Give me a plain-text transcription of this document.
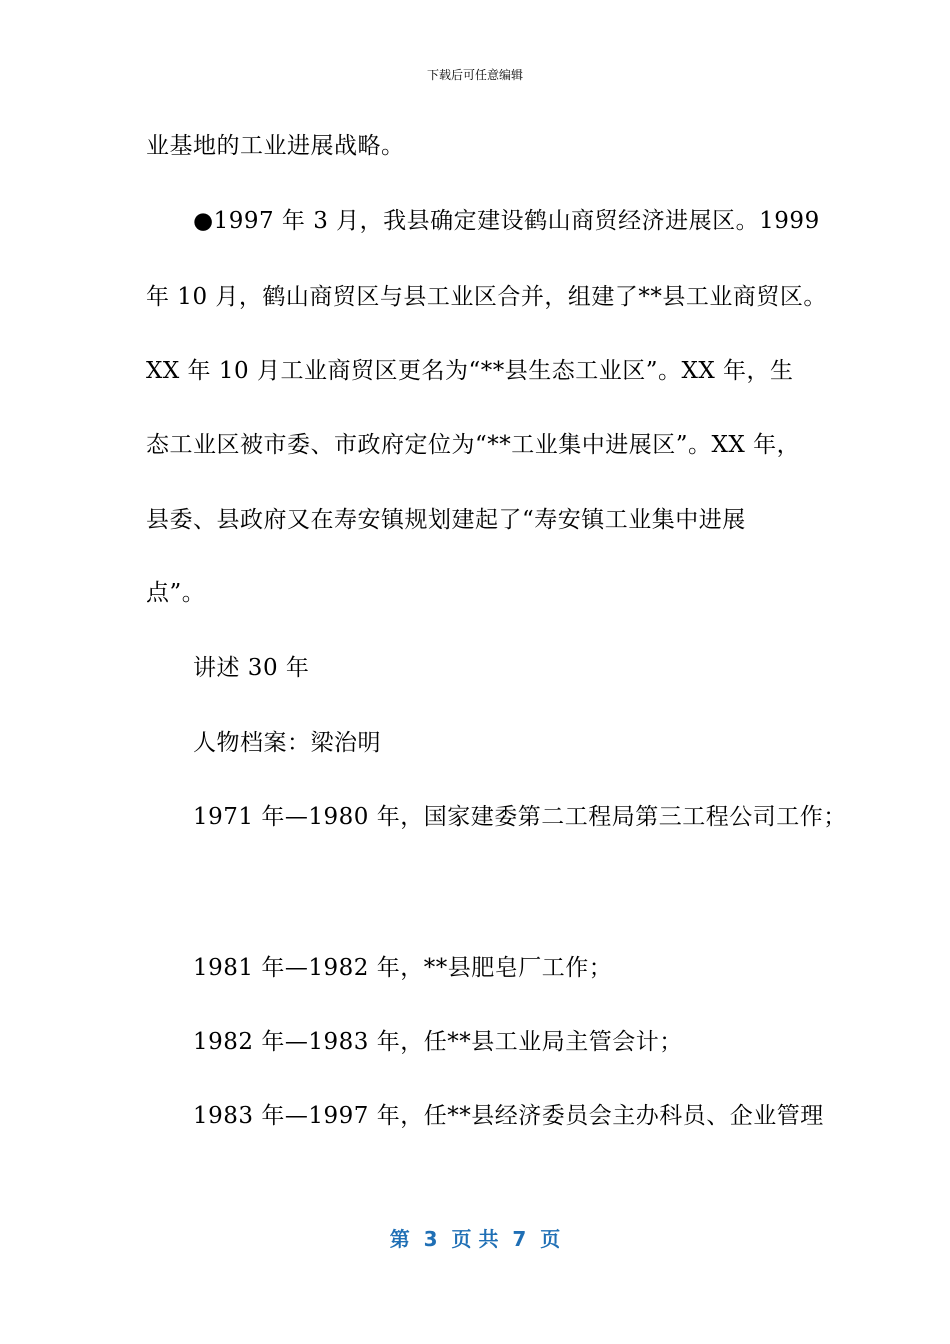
下载后可任意编辑
业基地的工业进展战略。
●1997 年 3 月，我县确定建设鹤山商贸经济进展区。1999
年 10 月，鹤山商贸区与县工业区合并，组建了**县工业商贸区。
XX 年 10 月工业商贸区更名为“**县生态工业区”。XX 年，生
态工业区被市委、市政府定位为“**工业集中进展区”。XX 年，
县委、县政府又在寿安镇规划建起了“寿安镇工业集中进展
点”。
讲述 30 年
人物档案：梁治明
1971 年—1980 年，国家建委第二工程局第三工程公司工作；
1981 年—1982 年，**县肥皂厂工作；
1982 年—1983 年，任**县工业局主管会计；
1983 年—1997 年，任**县经济委员会主办科员、企业管理
第  3  页 共  7  页
